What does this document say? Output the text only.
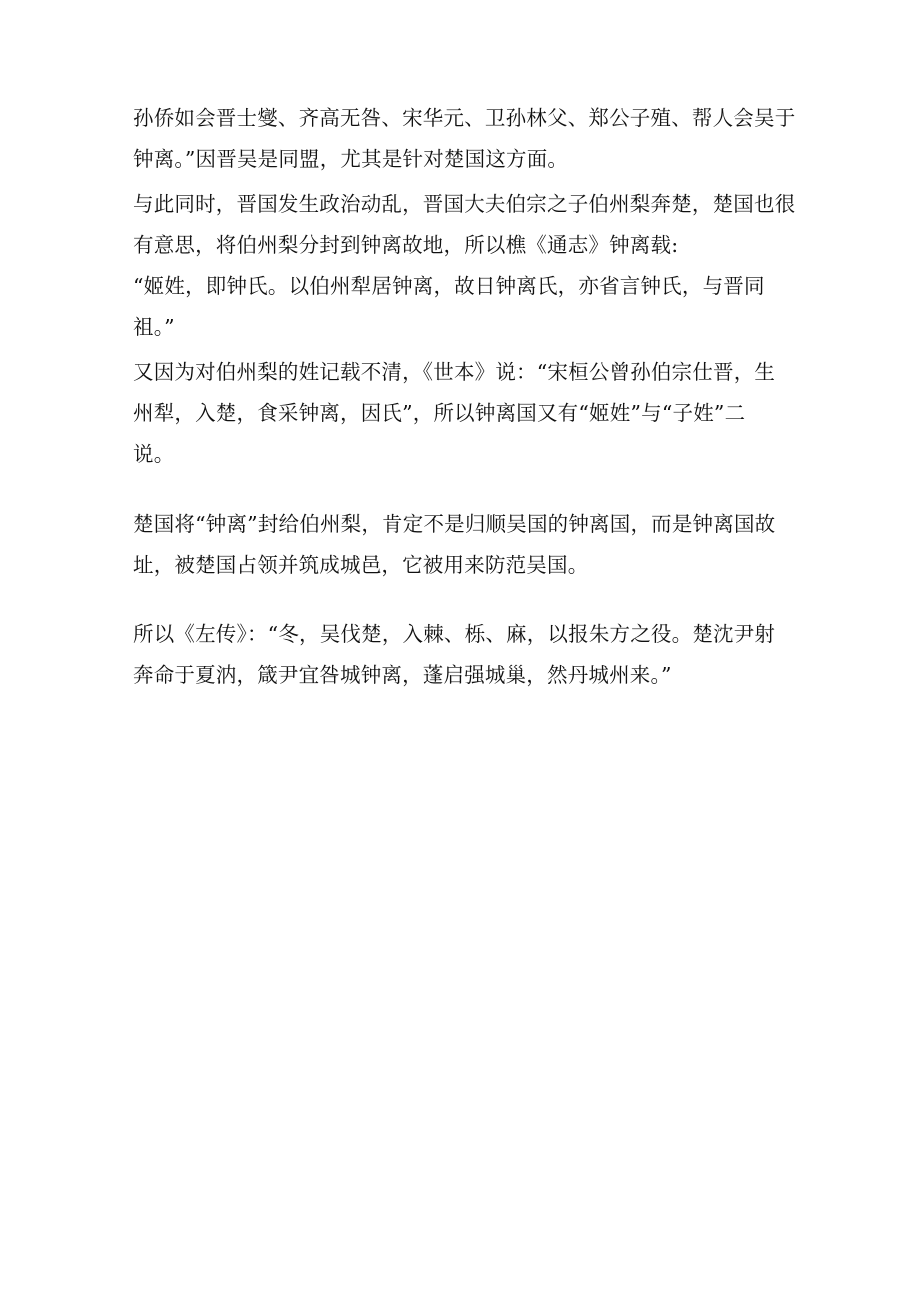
孙侨如会晋士燮、齐高无咎、宋华元、卫孙林父、郑公子殖、帮人会吴于
钟离。”因晋吴是同盟，尤其是针对楚国这方面。
与此同时，晋国发生政治动乱，晋国大夫伯宗之子伯州梨奔楚，楚国也很
有意思，将伯州梨分封到钟离故地，所以樵《通志》钟离载:
“姬姓，即钟氏。以伯州犁居钟离，故日钟离氏，亦省言钟氏，与晋同
祖。”
又因为对伯州梨的姓记载不清，《世本》说：“宋桓公曾孙伯宗仕晋，生
州犁，入楚，食采钟离，因氏”，所以钟离国又有“姬姓”与“子姓”二
说。
楚国将“钟离”封给伯州梨，肯定不是归顺吴国的钟离国，而是钟离国故
址，被楚国占领并筑成城邑，它被用来防范吴国。
所以《左传》：“冬，吴伐楚，入棘、栎、麻，以报朱方之役。楚沈尹射
奔命于夏汭，箴尹宜咎城钟离，蓬启强城巢，然丹城州来。”
